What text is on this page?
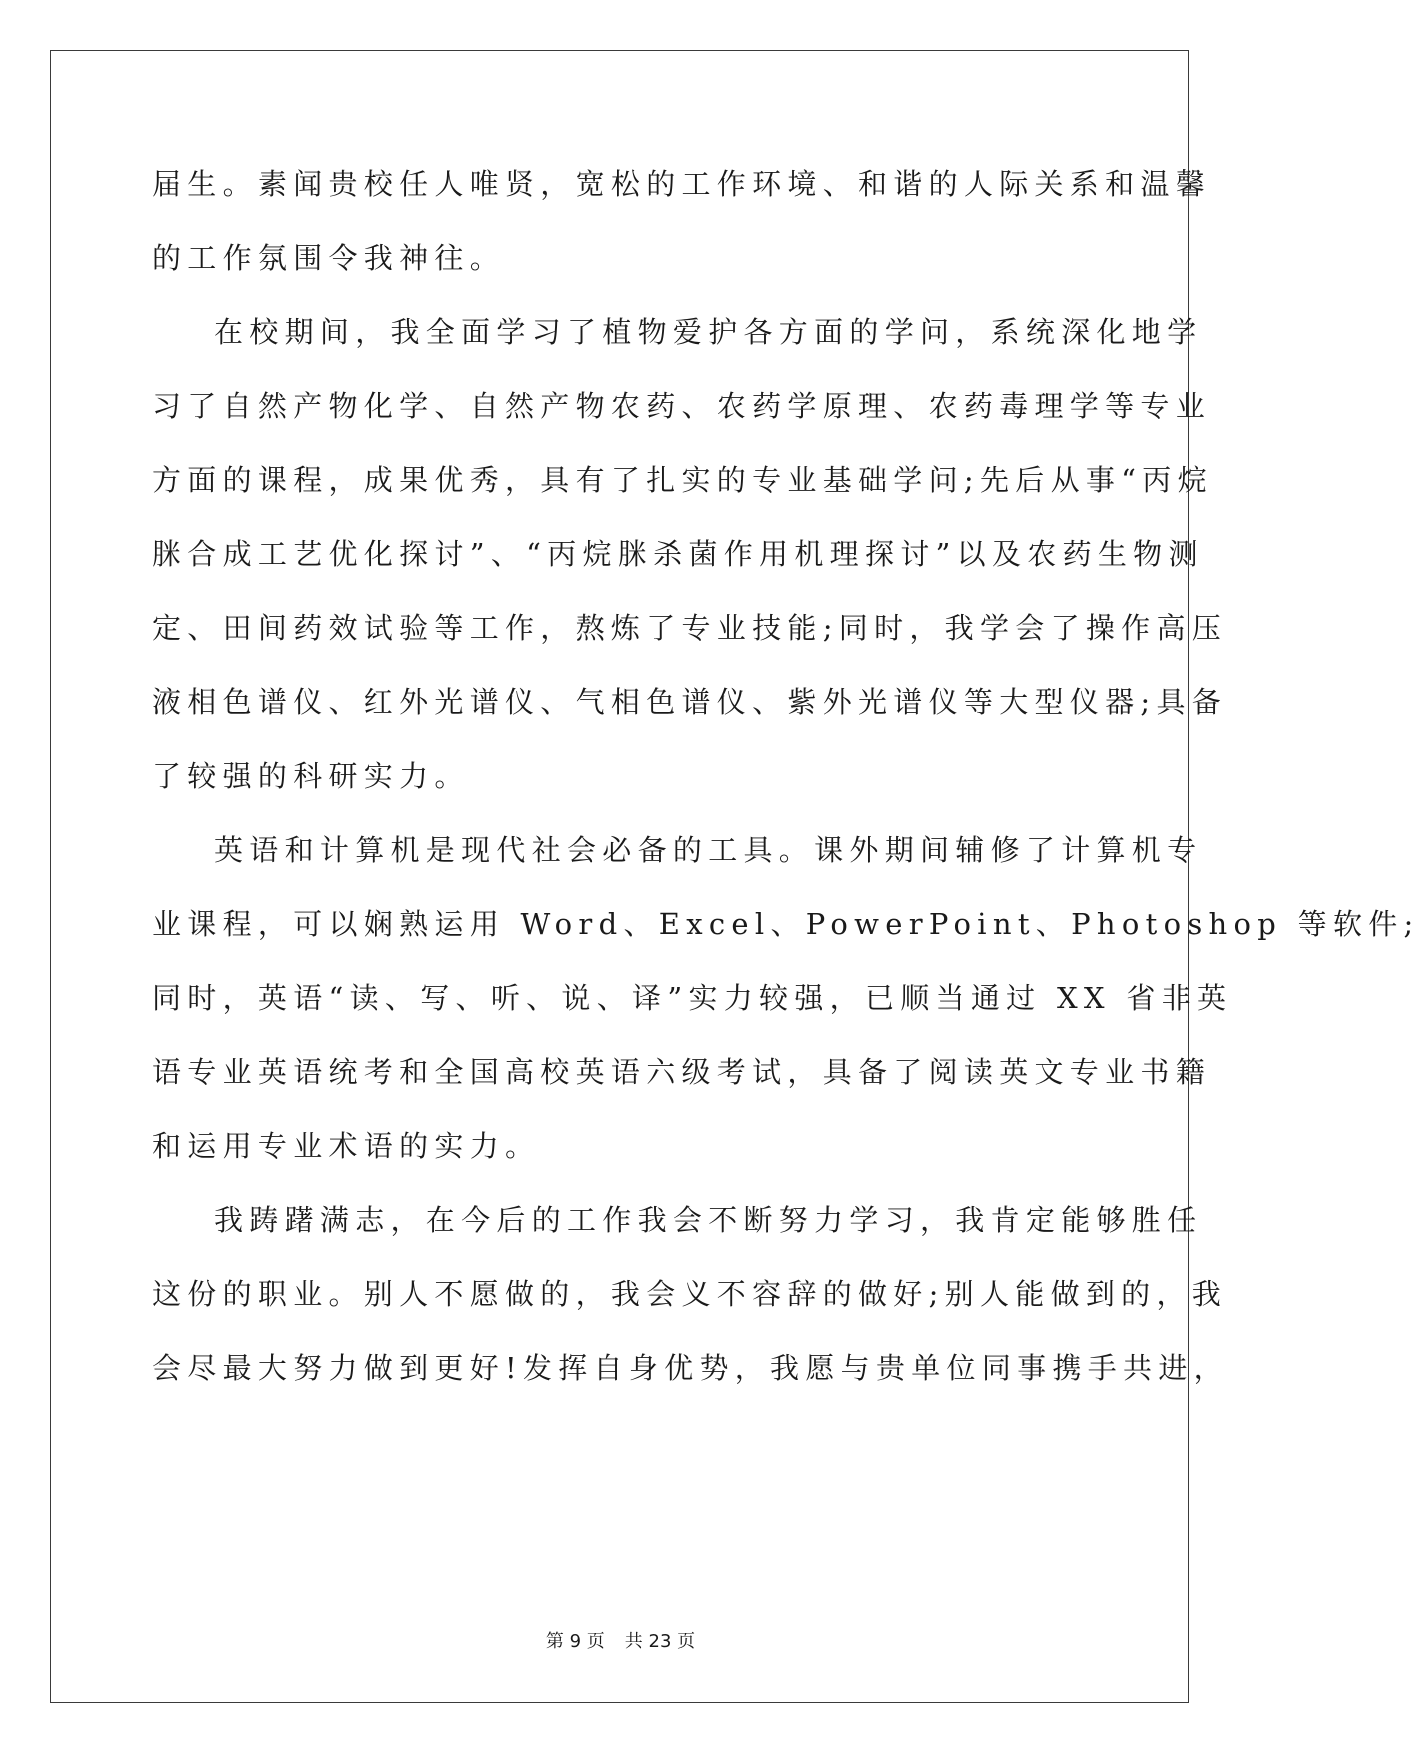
届生。素闻贵校任人唯贤，宽松的工作环境、和谐的人际关系和温馨
的工作氛围令我神往。
在校期间，我全面学习了植物爱护各方面的学问，系统深化地学
习了自然产物化学、自然产物农药、农药学原理、农药毒理学等专业
方面的课程，成果优秀，具有了扎实的专业基础学问;先后从事“丙烷
脒合成工艺优化探讨”、“丙烷脒杀菌作用机理探讨”以及农药生物测
定、田间药效试验等工作，熬炼了专业技能;同时，我学会了操作高压
液相色谱仪、红外光谱仪、气相色谱仪、紫外光谱仪等大型仪器;具备
了较强的科研实力。
英语和计算机是现代社会必备的工具。课外期间辅修了计算机专
业课程，可以娴熟运用 Word、Excel、PowerPoint、Photoshop 等软件;
同时，英语“读、写、听、说、译”实力较强，已顺当通过 XX 省非英
语专业英语统考和全国高校英语六级考试，具备了阅读英文专业书籍
和运用专业术语的实力。
我踌躇满志，在今后的工作我会不断努力学习，我肯定能够胜任
这份的职业。别人不愿做的，我会义不容辞的做好;别人能做到的，我
会尽最大努力做到更好!发挥自身优势，我愿与贵单位同事携手共进，
第 9 页 共 23 页
